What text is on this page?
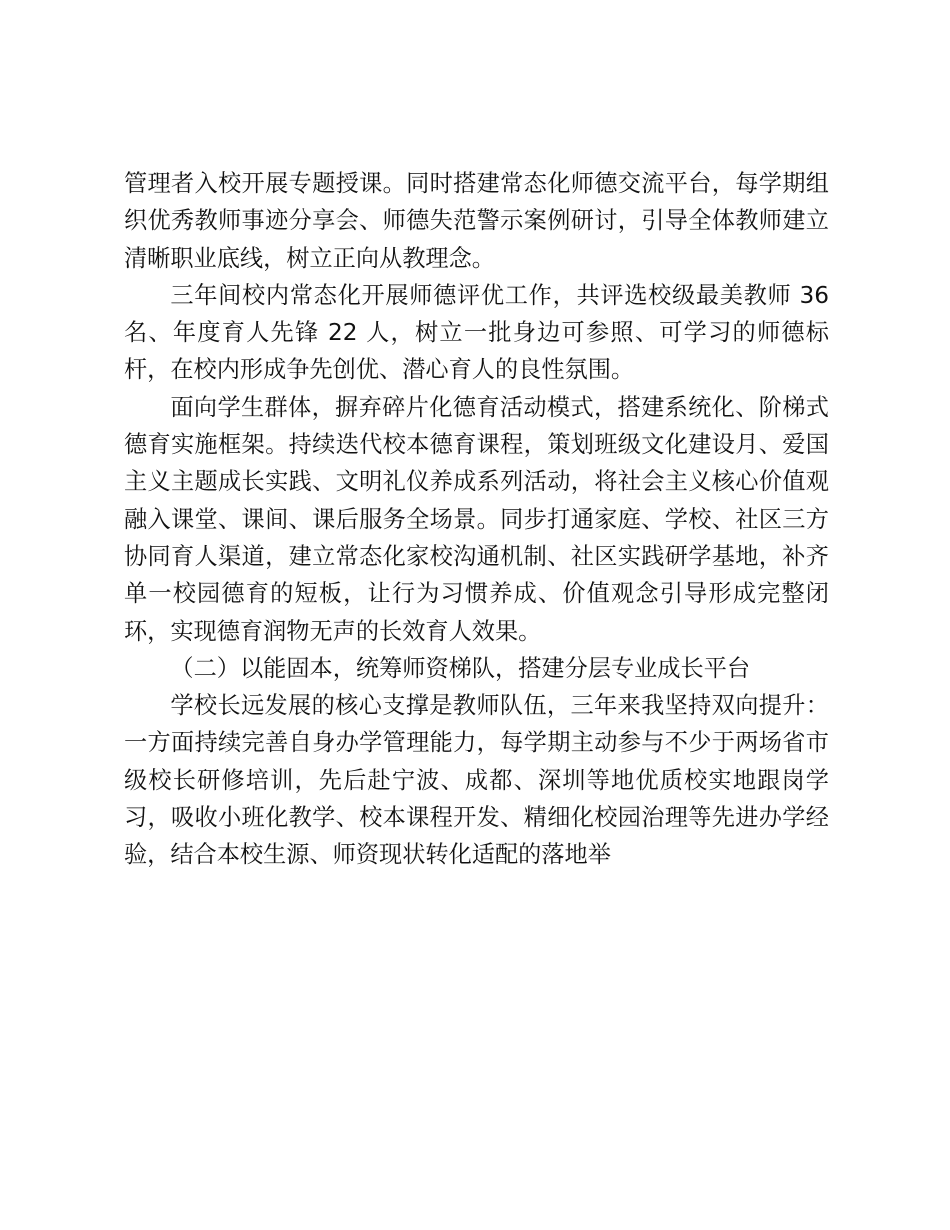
管理者入校开展专题授课。同时搭建常态化师德交流平台，每学期组织优秀教师事迹分享会、师德失范警示案例研讨，引导全体教师建立清晰职业底线，树立正向从教理念。

三年间校内常态化开展师德评优工作，共评选校级最美教师 36 名、年度育人先锋 22 人，树立一批身边可参照、可学习的师德标杆，在校内形成争先创优、潜心育人的良性氛围。

面向学生群体，摒弃碎片化德育活动模式，搭建系统化、阶梯式德育实施框架。持续迭代校本德育课程，策划班级文化建设月、爱国主义主题成长实践、文明礼仪养成系列活动，将社会主义核心价值观融入课堂、课间、课后服务全场景。同步打通家庭、学校、社区三方协同育人渠道，建立常态化家校沟通机制、社区实践研学基地，补齐单一校园德育的短板，让行为习惯养成、价值观念引导形成完整闭环，实现德育润物无声的长效育人效果。

（二）以能固本，统筹师资梯队，搭建分层专业成长平台

学校长远发展的核心支撑是教师队伍，三年来我坚持双向提升：一方面持续完善自身办学管理能力，每学期主动参与不少于两场省市级校长研修培训，先后赴宁波、成都、深圳等地优质校实地跟岗学习，吸收小班化教学、校本课程开发、精细化校园治理等先进办学经验，结合本校生源、师资现状转化适配的落地举
